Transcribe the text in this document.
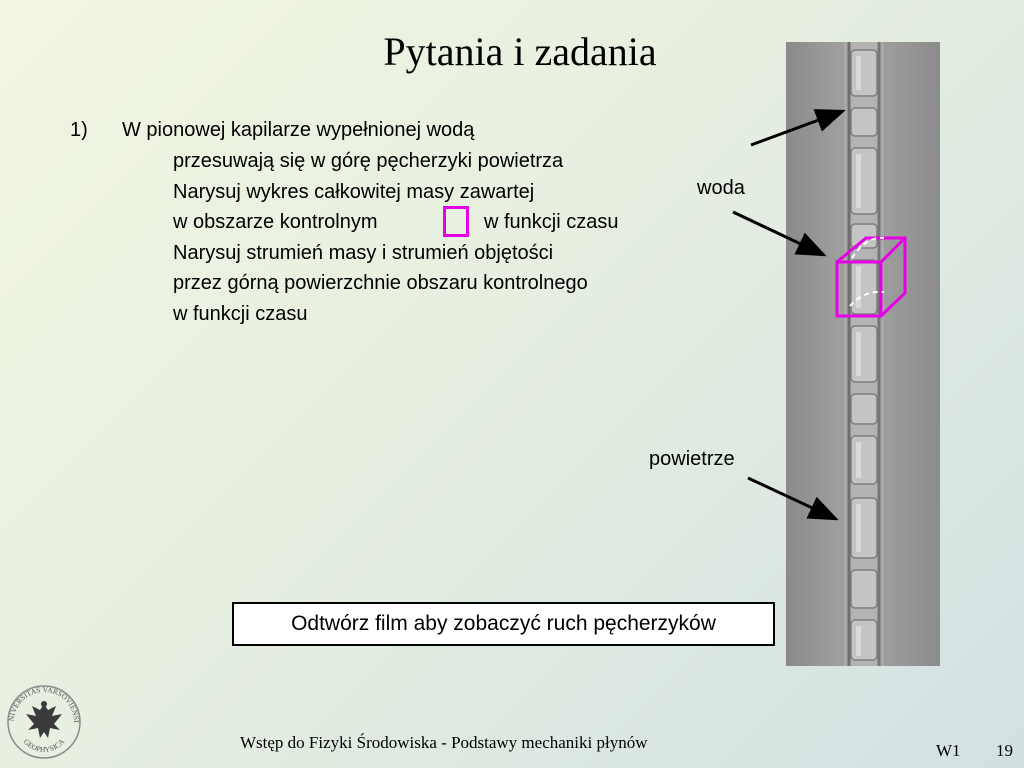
Pytania i zadania
1) W pionowej kapilarze wypełnionej wodą
przesuwają się w górę pęcherzyki powietrza
Narysuj wykres całkowitej masy zawartej
w obszarze kontrolnym	w funkcji czasu
Narysuj strumień masy i strumień objętości
przez górną powierzchnie obszaru kontrolnego
w funkcji czasu
woda
powietrze
Odtwórz film aby zobaczyć ruch pęcherzyków
UNIVERSITAS VARSOVIENSIS
GEOPHYSICA	Wstęp do Fizyki Środowiska - Podstawy mechaniki płynów	W1 19
